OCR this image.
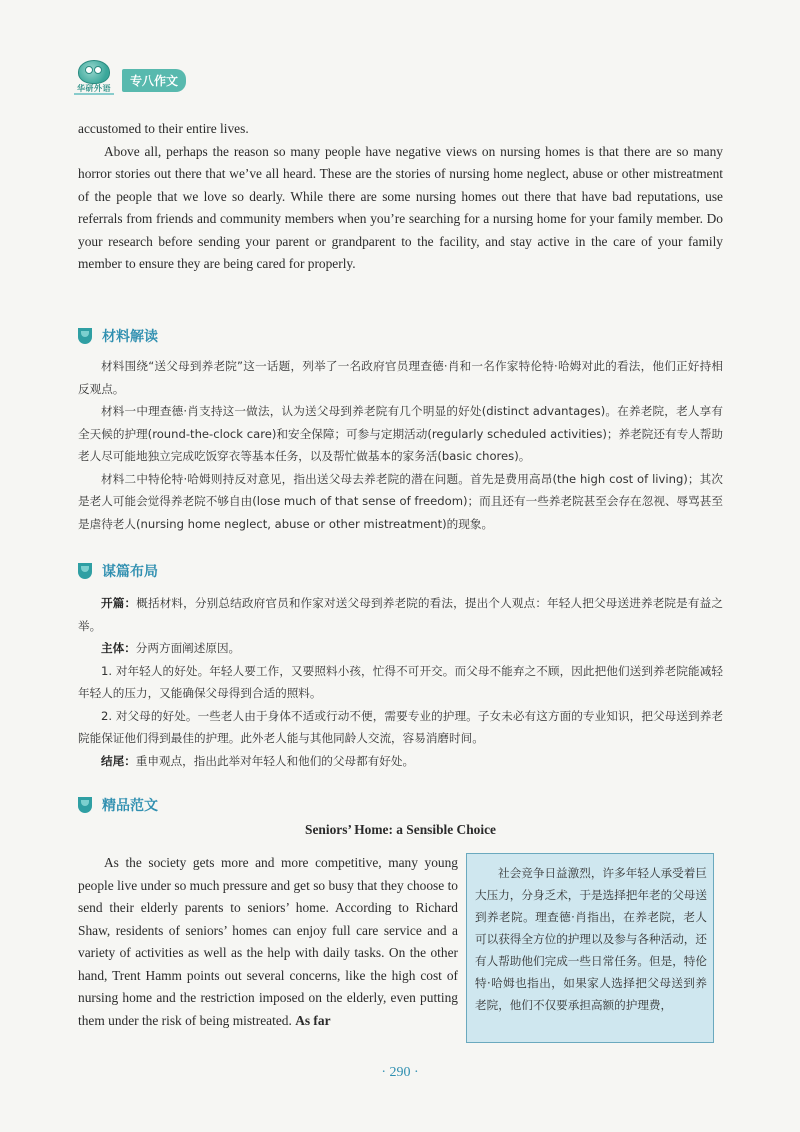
华研外语
专八作文

accustomed to their entire lives.

Above all, perhaps the reason so many people have negative views on nursing homes is that there are so many horror stories out there that we’ve all heard. These are the stories of nursing home neglect, abuse or other mistreatment of the people that we love so dearly. While there are some nursing homes out there that have bad reputations, use referrals from friends and community members when you’re searching for a nursing home for your family member. Do your research before sending your parent or grandparent to the facility, and stay active in the care of your family member to ensure they are being cared for properly.

材料解读

材料围绕“送父母到养老院”这一话题，列举了一名政府官员理查德·肖和一名作家特伦特·哈姆对此的看法，他们正好持相反观点。

材料一中理查德·肖支持这一做法，认为送父母到养老院有几个明显的好处(distinct advantages)。在养老院，老人享有全天候的护理(round-the-clock care)和安全保障；可参与定期活动(regularly scheduled activities)；养老院还有专人帮助老人尽可能地独立完成吃饭穿衣等基本任务，以及帮忙做基本的家务活(basic chores)。

材料二中特伦特·哈姆则持反对意见，指出送父母去养老院的潜在问题。首先是费用高昂(the high cost of living)；其次是老人可能会觉得养老院不够自由(lose much of that sense of freedom)；而且还有一些养老院甚至会存在忽视、辱骂甚至是虐待老人(nursing home neglect, abuse or other mistreatment)的现象。

谋篇布局

开篇：概括材料，分别总结政府官员和作家对送父母到养老院的看法，提出个人观点：年轻人把父母送进养老院是有益之举。

主体：分两方面阐述原因。

1. 对年轻人的好处。年轻人要工作，又要照料小孩，忙得不可开交。而父母不能弃之不顾，因此把他们送到养老院能减轻年轻人的压力，又能确保父母得到合适的照料。

2. 对父母的好处。一些老人由于身体不适或行动不便，需要专业的护理。子女未必有这方面的专业知识，把父母送到养老院能保证他们得到最佳的护理。此外老人能与其他同龄人交流，容易消磨时间。

结尾：重申观点，指出此举对年轻人和他们的父母都有好处。

精品范文
Seniors’ Home: a Sensible Choice

As the society gets more and more competitive, many young people live under so much pressure and get so busy that they choose to send their elderly parents to seniors’ home. According to Richard Shaw, residents of seniors’ homes can enjoy full care service and a variety of activities as well as the help with daily tasks. On the other hand, Trent Hamm points out several concerns, like the high cost of nursing home and the restriction imposed on the elderly, even putting them under the risk of being mistreated. As far

社会竞争日益激烈，许多年轻人承受着巨大压力，分身乏术，于是选择把年老的父母送到养老院。理查德·肖指出，在养老院，老人可以获得全方位的护理以及参与各种活动，还有人帮助他们完成一些日常任务。但是，特伦特·哈姆也指出，如果家人选择把父母送到养老院，他们不仅要承担高额的护理费，

· 290 ·
